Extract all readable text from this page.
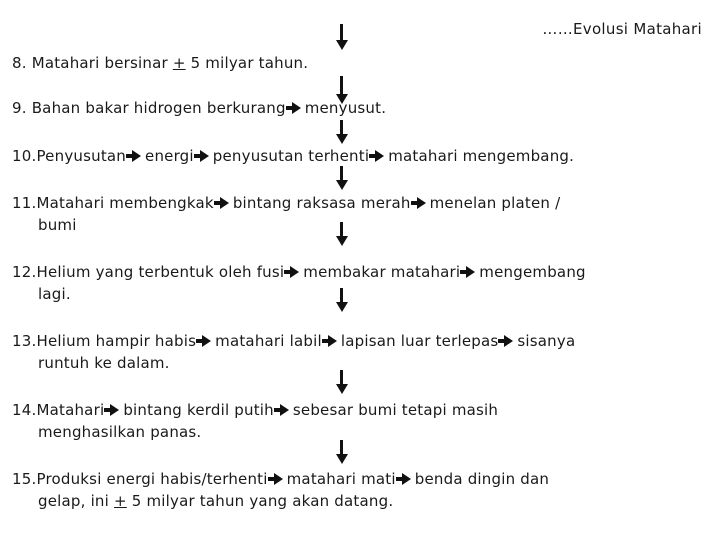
……Evolusi Matahari
8. Matahari bersinar + 5 milyar tahun.
9. Bahan bakar hidrogen berkurang menyusut.
10.Penyusutan energi penyusutan terhenti matahari mengembang.
11.Matahari membengkak bintang raksasa merah menelan platen /
bumi
12.Helium yang terbentuk oleh fusi membakar matahari mengembang
lagi.
13.Helium hampir habis matahari labil lapisan luar terlepas sisanya
runtuh ke dalam.
14.Matahari bintang kerdil putih sebesar bumi tetapi masih
menghasilkan panas.
15.Produksi energi habis/terhenti matahari mati benda dingin dan
gelap, ini + 5 milyar tahun yang akan datang.
